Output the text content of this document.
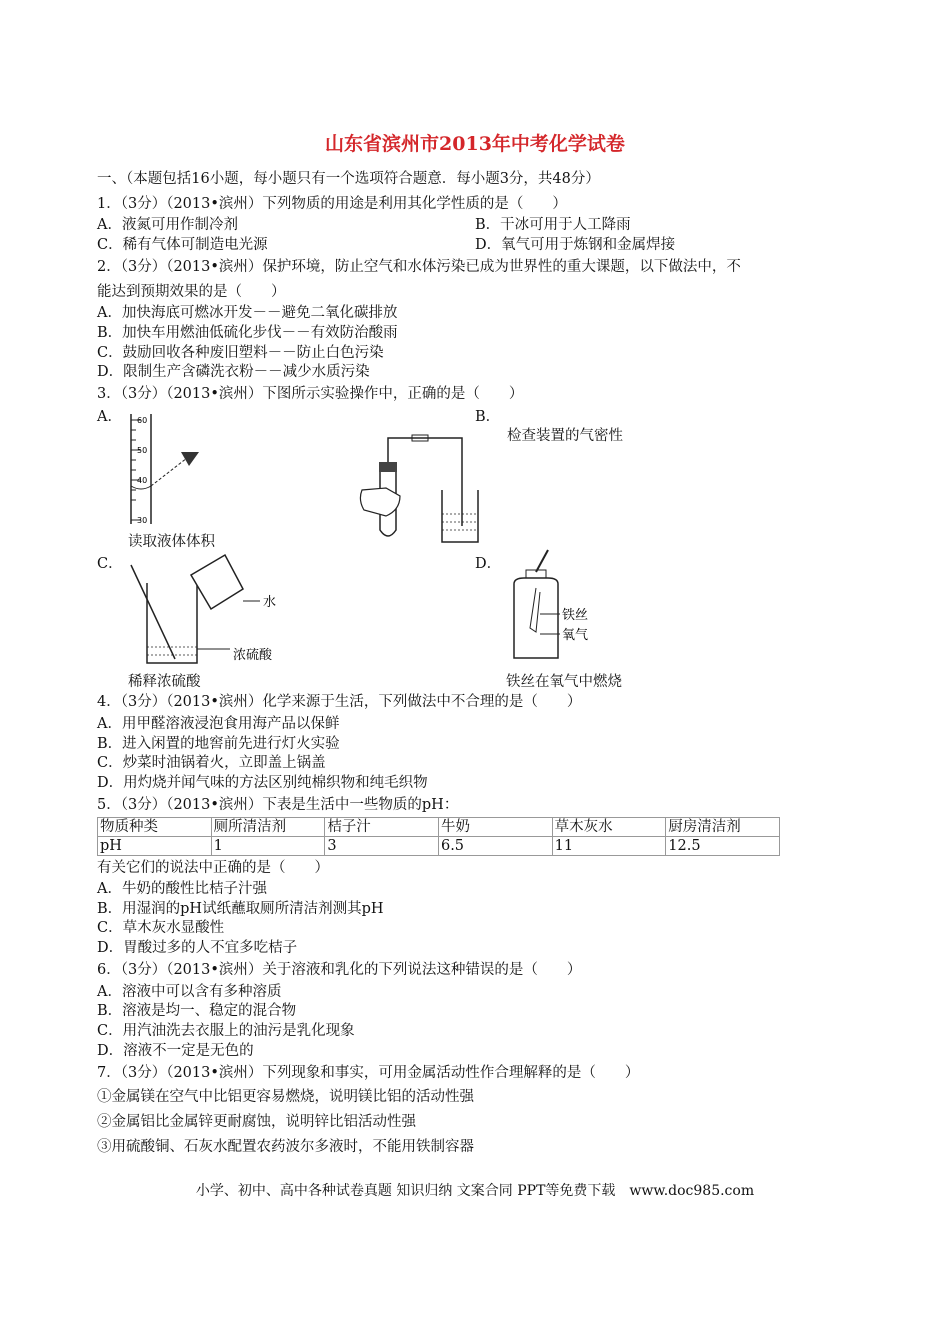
山东省滨州市2013年中考化学试卷
一、（本题包括16小题，每小题只有一个选项符合题意．每小题3分，共48分）
1．（3分）（2013•滨州）下列物质的用途是利用其化学性质的是（　　）
A．液氮可用作制冷剂	B．干冰可用于人工降雨
C．稀有气体可制造电光源	D．氧气可用于炼钢和金属焊接
2．（3分）（2013•滨州）保护环境，防止空气和水体污染已成为世界性的重大课题，以下做法中，不
能达到预期效果的是（　　）
A．加快海底可燃冰开发－－避免二氧化碳排放
B．加快车用燃油低硫化步伐－－有效防治酸雨
C．鼓励回收各种废旧塑料－－防止白色污染
D．限制生产含磷洗衣粉－－减少水质污染
3．（3分）（2013•滨州）下图所示实验操作中，正确的是（　　）
A．	B．
60
50
40
30
读取液体体积
检查装置的气密性
C．	D．
水
浓硫酸
稀释浓硫酸
铁丝
氧气
铁丝在氧气中燃烧
4．（3分）（2013•滨州）化学来源于生活，下列做法中不合理的是（　　）
A．用甲醛溶液浸泡食用海产品以保鲜
B．进入闲置的地窖前先进行灯火实验
C．炒菜时油锅着火，立即盖上锅盖
D．用灼烧并闻气味的方法区别纯棉织物和纯毛织物
5．（3分）（2013•滨州）下表是生活中一些物质的pH：
物质种类	厕所清洁剂	桔子汁	牛奶	草木灰水	厨房清洁剂
pH	1	3	6.5	11	12.5
有关它们的说法中正确的是（　　）
A．牛奶的酸性比桔子汁强
B．用湿润的pH试纸蘸取厕所清洁剂测其pH
C．草木灰水显酸性
D．胃酸过多的人不宜多吃桔子
6．（3分）（2013•滨州）关于溶液和乳化的下列说法这种错误的是（　　）
A．溶液中可以含有多种溶质
B．溶液是均一、稳定的混合物
C．用汽油洗去衣服上的油污是乳化现象
D．溶液不一定是无色的
7．（3分）（2013•滨州）下列现象和事实，可用金属活动性作合理解释的是（　　）
①金属镁在空气中比铝更容易燃烧，说明镁比铝的活动性强
②金属铝比金属锌更耐腐蚀，说明锌比铝活动性强
③用硫酸铜、石灰水配置农药波尔多液时，不能用铁制容器
小学、初中、高中各种试卷真题 知识归纳 文案合同 PPT等免费下载　www.doc985.com
